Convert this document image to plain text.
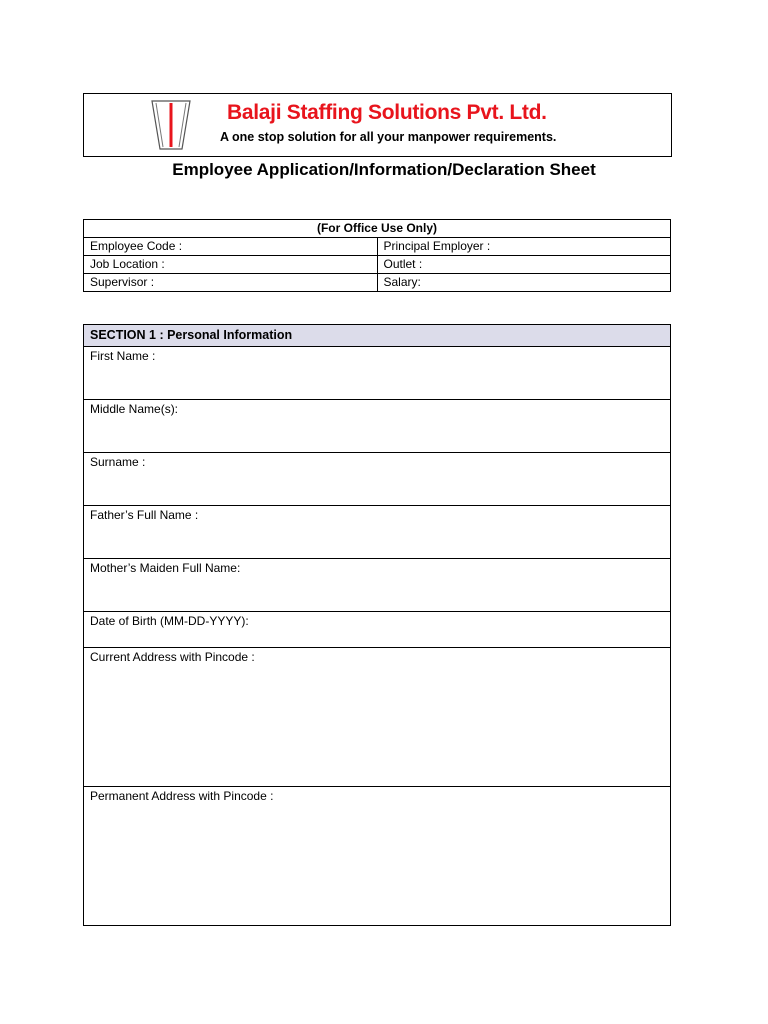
Balaji Staffing Solutions Pvt. Ltd.
A one stop solution for all your manpower requirements.
Employee Application/Information/Declaration Sheet
(For Office Use Only)	
Employee Code :	Principal Employer :
Job Location :	Outlet :
Supervisor :	Salary:
SECTION 1 : Personal Information
First Name :
Middle Name(s):
Surname :
Father’s Full Name :
Mother’s Maiden Full Name:
Date of Birth (MM-DD-YYYY):
Current Address with Pincode :
Permanent Address with Pincode :
